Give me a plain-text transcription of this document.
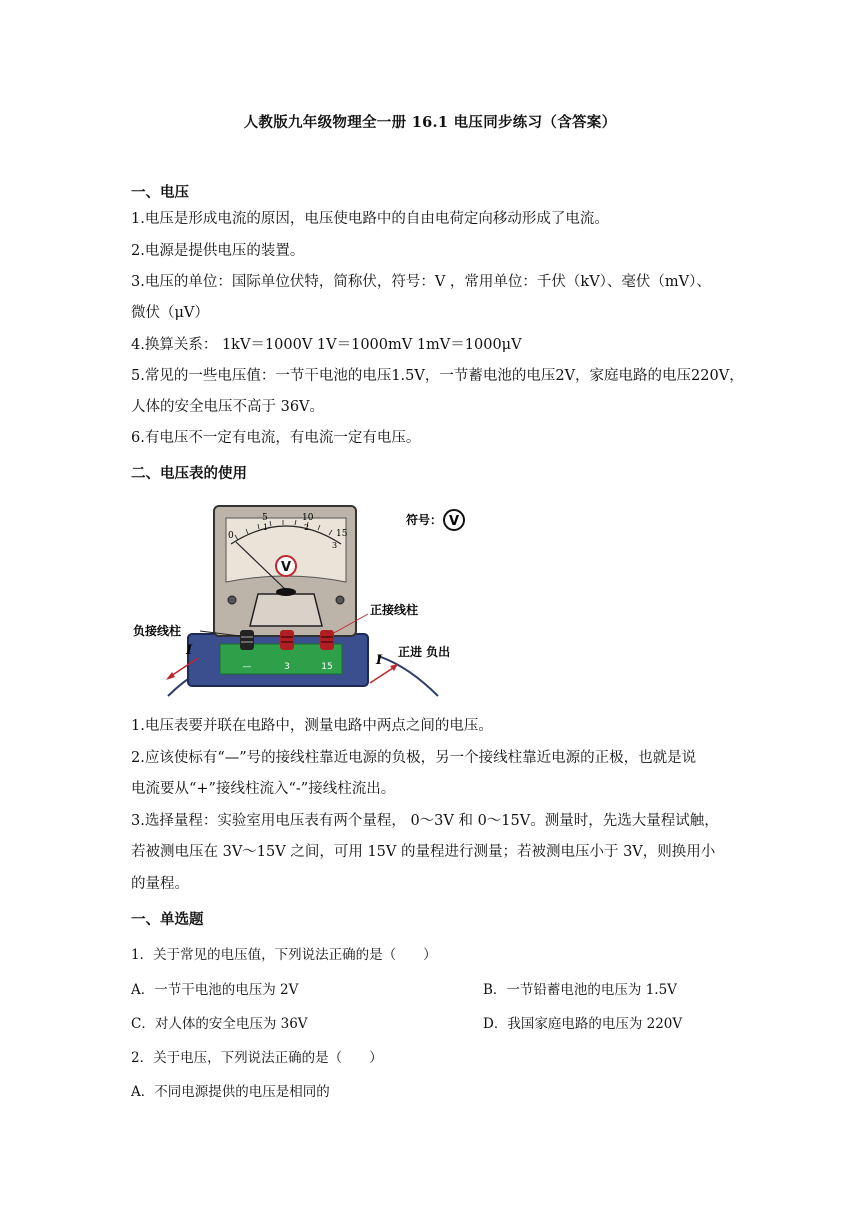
人教版九年级物理全一册 16.1 电压同步练习（含答案）
一、电压
1.电压是形成电流的原因，电压使电路中的自由电荷定向移动形成了电流。
2.电源是提供电压的装置。
3.电压的单位：国际单位伏特，简称伏，符号：V ，常用单位：千伏（kV）、毫伏（mV）、
微伏（μV）
4.换算关系： 1kV＝1000V 1V＝1000mV 1mV＝1000μV
5.常见的一些电压值：一节干电池的电压1.5V，一节蓄电池的电压2V，家庭电路的电压220V，
人体的安全电压不高于 36V。
6.有电压不一定有电流，有电流一定有电压。
二、电压表的使用
0
5	10
15
1	2
3
V
—	3	15
负接线柱
正接线柱
正进 负出
符号： V
I
I
1.电压表要并联在电路中，测量电路中两点之间的电压。
2.应该使标有“—”号的接线柱靠近电源的负极，另一个接线柱靠近电源的正极，也就是说
电流要从“+”接线柱流入“-”接线柱流出。
3.选择量程：实验室用电压表有两个量程， 0～3V 和 0～15V。测量时，先选大量程试触，
若被测电压在 3V～15V 之间，可用 15V 的量程进行测量；若被测电压小于 3V，则换用小
的量程。
一、单选题
1．关于常见的电压值，下列说法正确的是（　　）
A．一节干电池的电压为 2V	B．一节铅蓄电池的电压为 1.5V
C．对人体的安全电压为 36V	D．我国家庭电路的电压为 220V
2．关于电压，下列说法正确的是（　　）
A．不同电源提供的电压是相同的
